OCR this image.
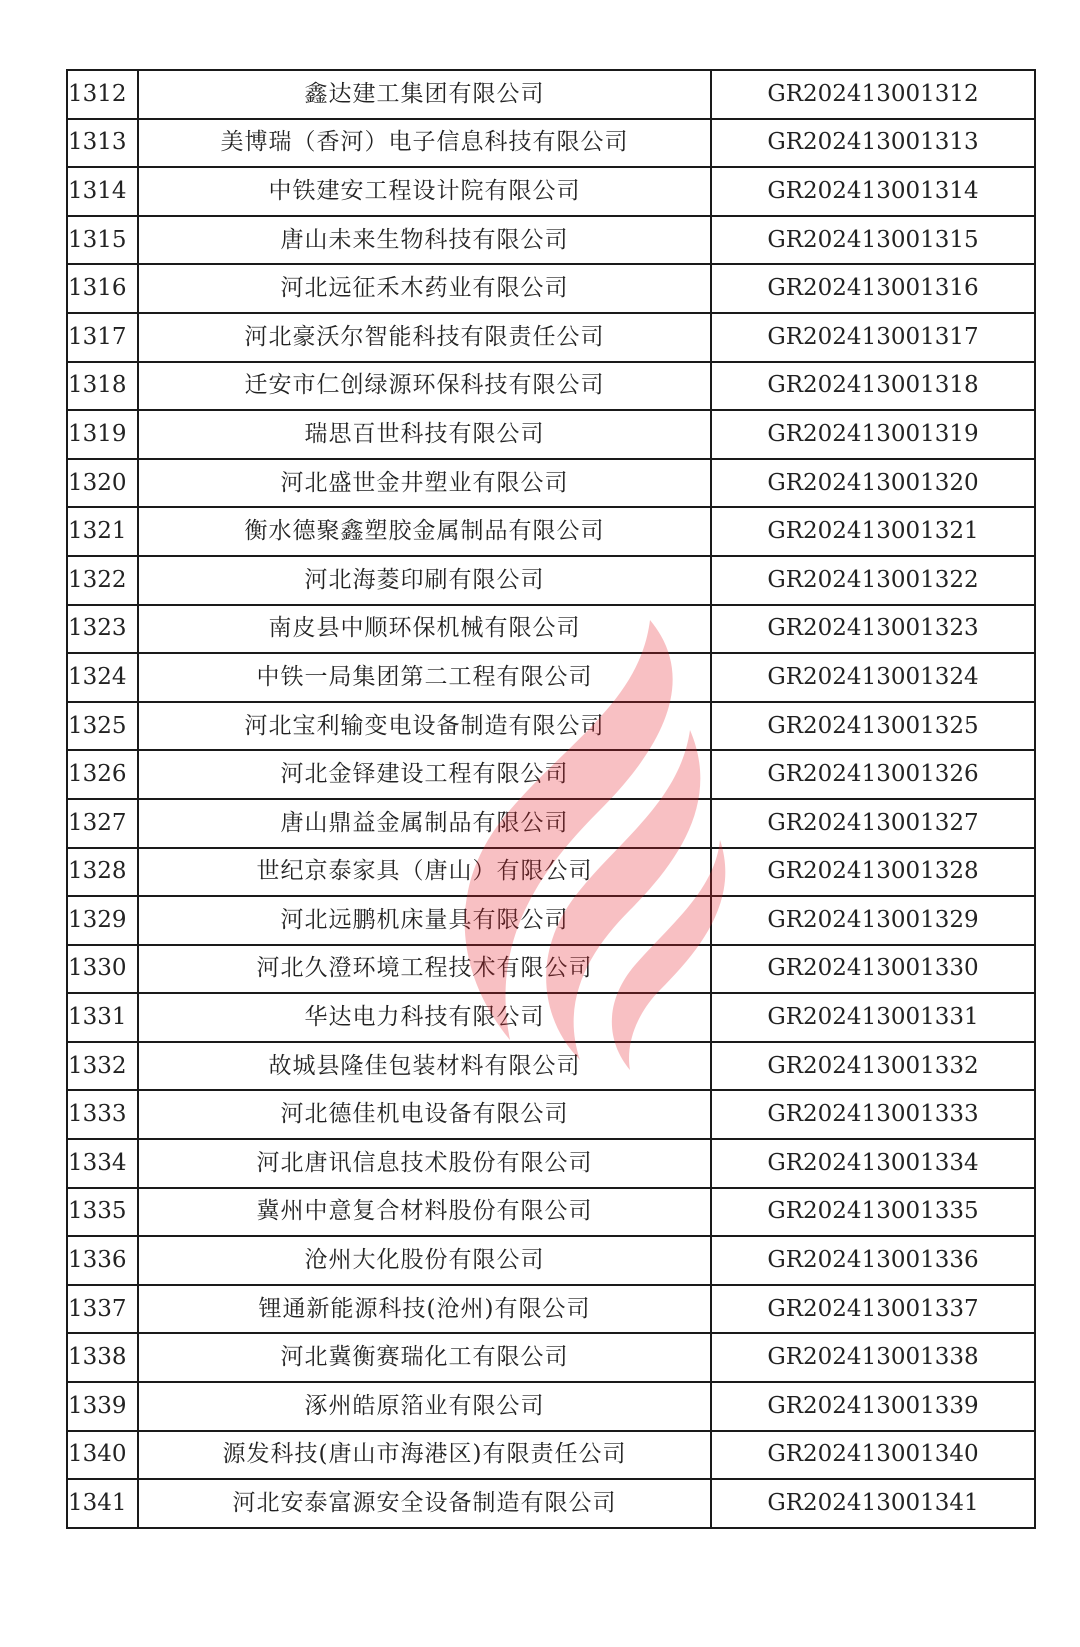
1312	鑫达建工集团有限公司	GR202413001312
1313	美博瑞（香河）电子信息科技有限公司	GR202413001313
1314	中铁建安工程设计院有限公司	GR202413001314
1315	唐山未来生物科技有限公司	GR202413001315
1316	河北远征禾木药业有限公司	GR202413001316
1317	河北豪沃尔智能科技有限责任公司	GR202413001317
1318	迁安市仁创绿源环保科技有限公司	GR202413001318
1319	瑞思百世科技有限公司	GR202413001319
1320	河北盛世金井塑业有限公司	GR202413001320
1321	衡水德聚鑫塑胶金属制品有限公司	GR202413001321
1322	河北海菱印刷有限公司	GR202413001322
1323	南皮县中顺环保机械有限公司	GR202413001323
1324	中铁一局集团第二工程有限公司	GR202413001324
1325	河北宝利输变电设备制造有限公司	GR202413001325
1326	河北金铎建设工程有限公司	GR202413001326
1327	唐山鼎益金属制品有限公司	GR202413001327
1328	世纪京泰家具（唐山）有限公司	GR202413001328
1329	河北远鹏机床量具有限公司	GR202413001329
1330	河北久澄环境工程技术有限公司	GR202413001330
1331	华达电力科技有限公司	GR202413001331
1332	故城县隆佳包装材料有限公司	GR202413001332
1333	河北德佳机电设备有限公司	GR202413001333
1334	河北唐讯信息技术股份有限公司	GR202413001334
1335	冀州中意复合材料股份有限公司	GR202413001335
1336	沧州大化股份有限公司	GR202413001336
1337	锂通新能源科技(沧州)有限公司	GR202413001337
1338	河北冀衡赛瑞化工有限公司	GR202413001338
1339	涿州皓原箔业有限公司	GR202413001339
1340	源发科技(唐山市海港区)有限责任公司	GR202413001340
1341	河北安泰富源安全设备制造有限公司	GR202413001341
